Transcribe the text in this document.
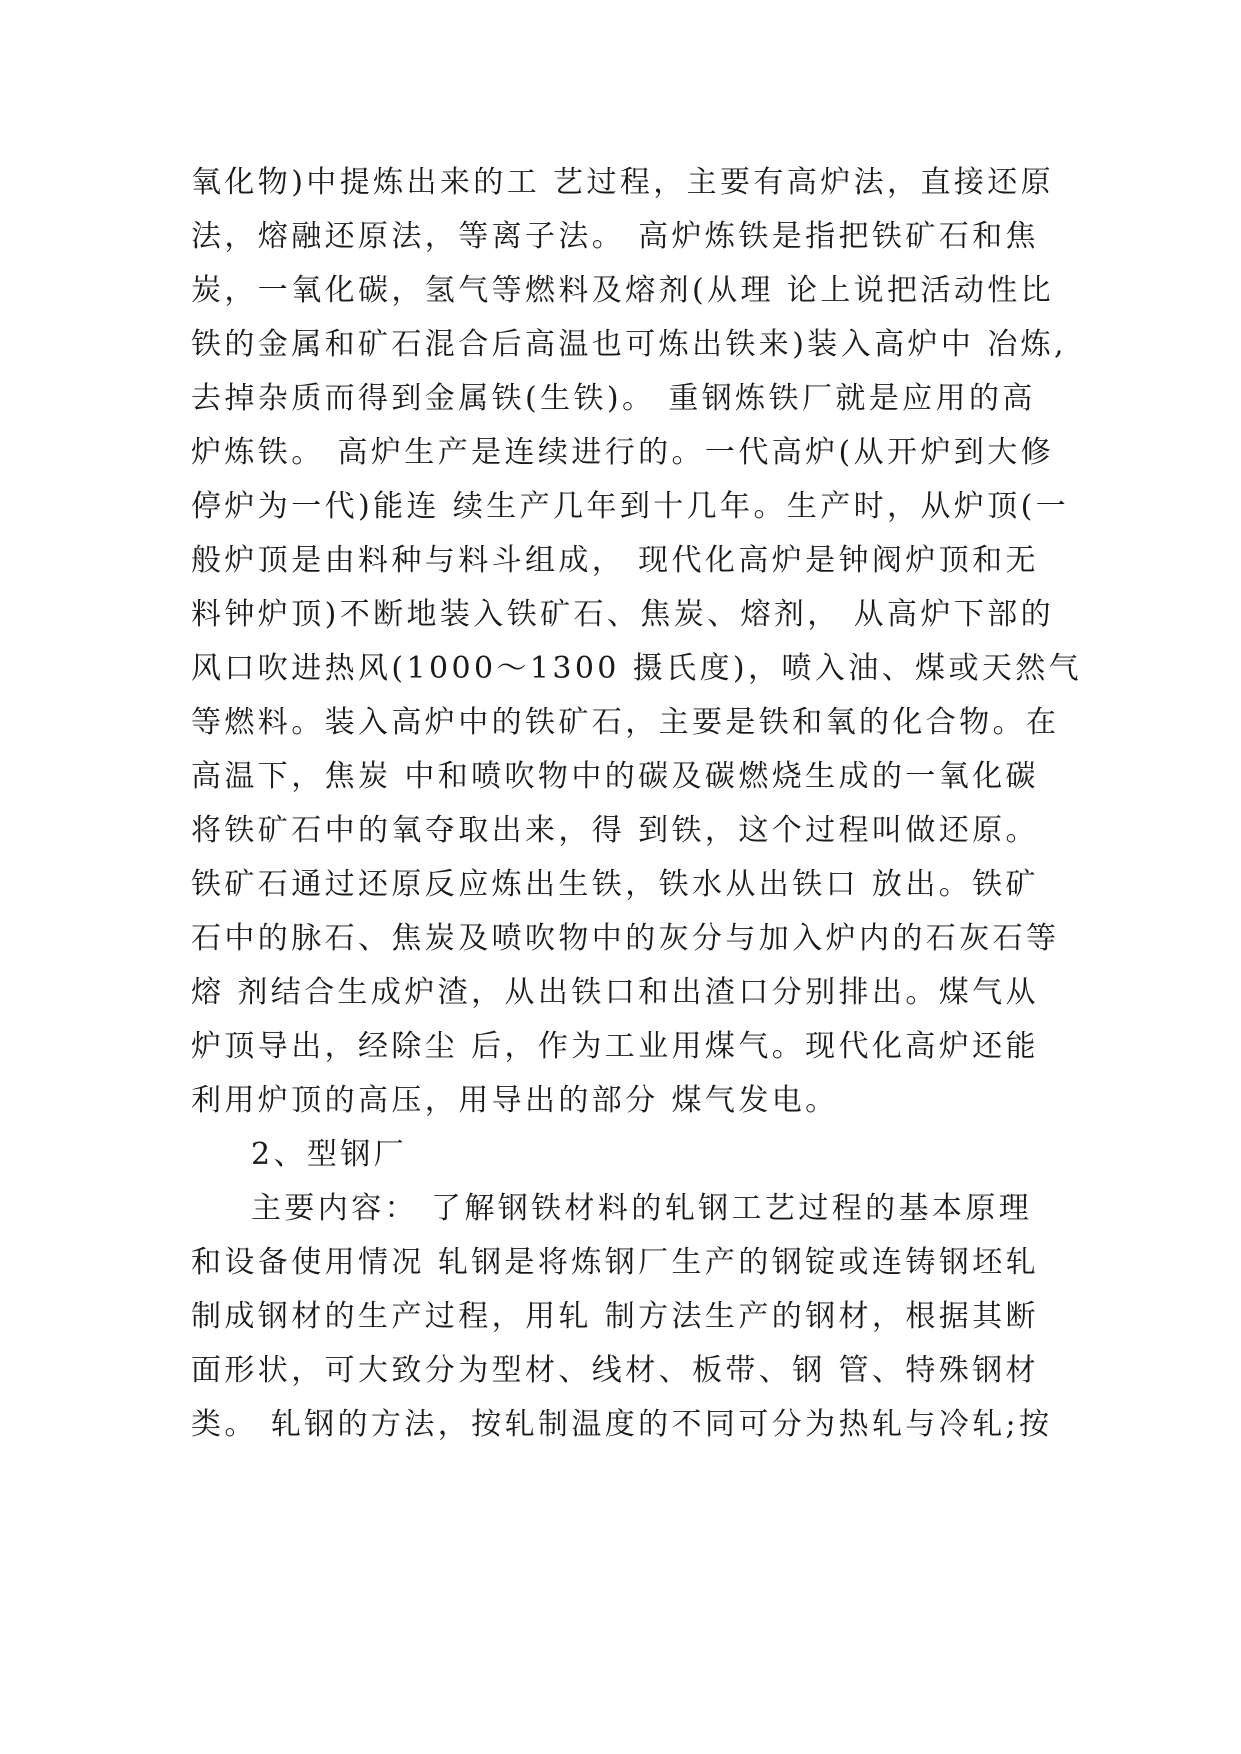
氧化物)中提炼出来的工 艺过程，主要有高炉法，直接还原
法，熔融还原法，等离子法。 高炉炼铁是指把铁矿石和焦
炭，一氧化碳，氢气等燃料及熔剂(从理 论上说把活动性比
铁的金属和矿石混合后高温也可炼出铁来)装入高炉中 冶炼,
去掉杂质而得到金属铁(生铁)。 重钢炼铁厂就是应用的高
炉炼铁。 高炉生产是连续进行的。一代高炉(从开炉到大修
停炉为一代)能连 续生产几年到十几年。生产时，从炉顶(一
般炉顶是由料种与料斗组成， 现代化高炉是钟阀炉顶和无
料钟炉顶)不断地装入铁矿石、焦炭、熔剂， 从高炉下部的
风口吹进热风(1000～1300 摄氏度)，喷入油、煤或天然气
等燃料。装入高炉中的铁矿石，主要是铁和氧的化合物。在
高温下，焦炭 中和喷吹物中的碳及碳燃烧生成的一氧化碳
将铁矿石中的氧夺取出来，得 到铁，这个过程叫做还原。
铁矿石通过还原反应炼出生铁，铁水从出铁口 放出。铁矿
石中的脉石、焦炭及喷吹物中的灰分与加入炉内的石灰石等
熔 剂结合生成炉渣，从出铁口和出渣口分别排出。煤气从
炉顶导出，经除尘 后，作为工业用煤气。现代化高炉还能
利用炉顶的高压，用导出的部分 煤气发电。
2、型钢厂
主要内容： 了解钢铁材料的轧钢工艺过程的基本原理
和设备使用情况 轧钢是将炼钢厂生产的钢锭或连铸钢坯轧
制成钢材的生产过程，用轧 制方法生产的钢材，根据其断
面形状，可大致分为型材、线材、板带、钢 管、特殊钢材
类。 轧钢的方法，按轧制温度的不同可分为热轧与冷轧;按
